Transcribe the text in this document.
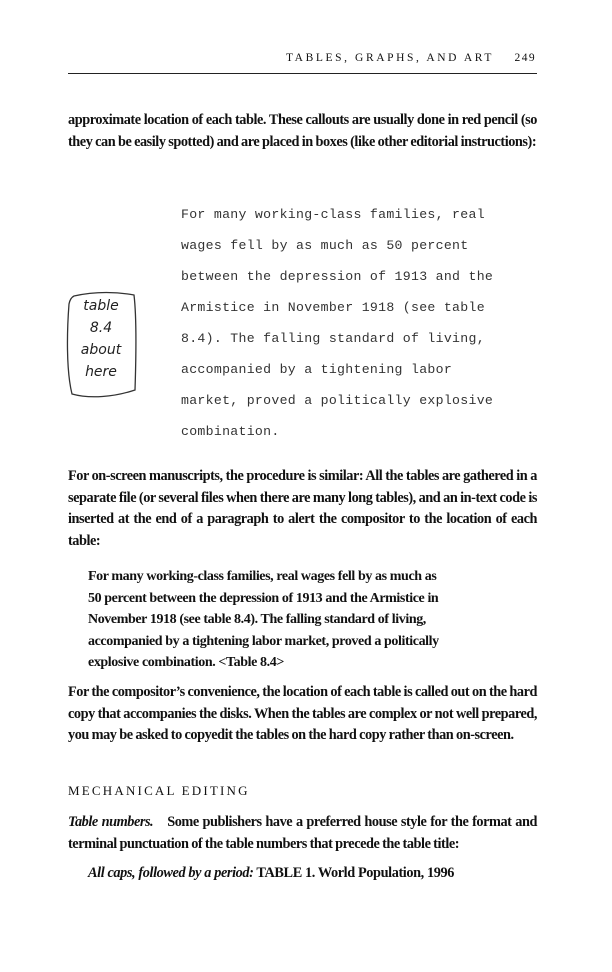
TABLES, GRAPHS, AND ART 249
approximate location of each table. These callouts are usually done in red pencil (so they can be easily spotted) and are placed in boxes (like other editorial instructions):
For many working-class families, real
wages fell by as much as 50 percent
between the depression of 1913 and the
Armistice in November 1918 (see table
8.4). The falling standard of living,
accompanied by a tightening labor
market, proved a politically explosive
combination.
table
8.4
about
here
For on-screen manuscripts, the procedure is similar: All the tables are gathered in a separate file (or several files when there are many long tables), and an in-text code is inserted at the end of a paragraph to alert the compositor to the location of each table:
For many working-class families, real wages fell by as much as
50 percent between the depression of 1913 and the Armistice in
November 1918 (see table 8.4). The falling standard of living,
accompanied by a tightening labor market, proved a politically
explosive combination. <Table 8.4>
For the compositor’s convenience, the location of each table is called out on the hard copy that accompanies the disks. When the tables are complex or not well prepared, you may be asked to copyedit the tables on the hard copy rather than on-screen.
MECHANICAL EDITING
Table numbers. Some publishers have a preferred house style for the format and terminal punctuation of the table numbers that precede the table title:
All caps, followed by a period: TABLE 1. World Population, 1996
